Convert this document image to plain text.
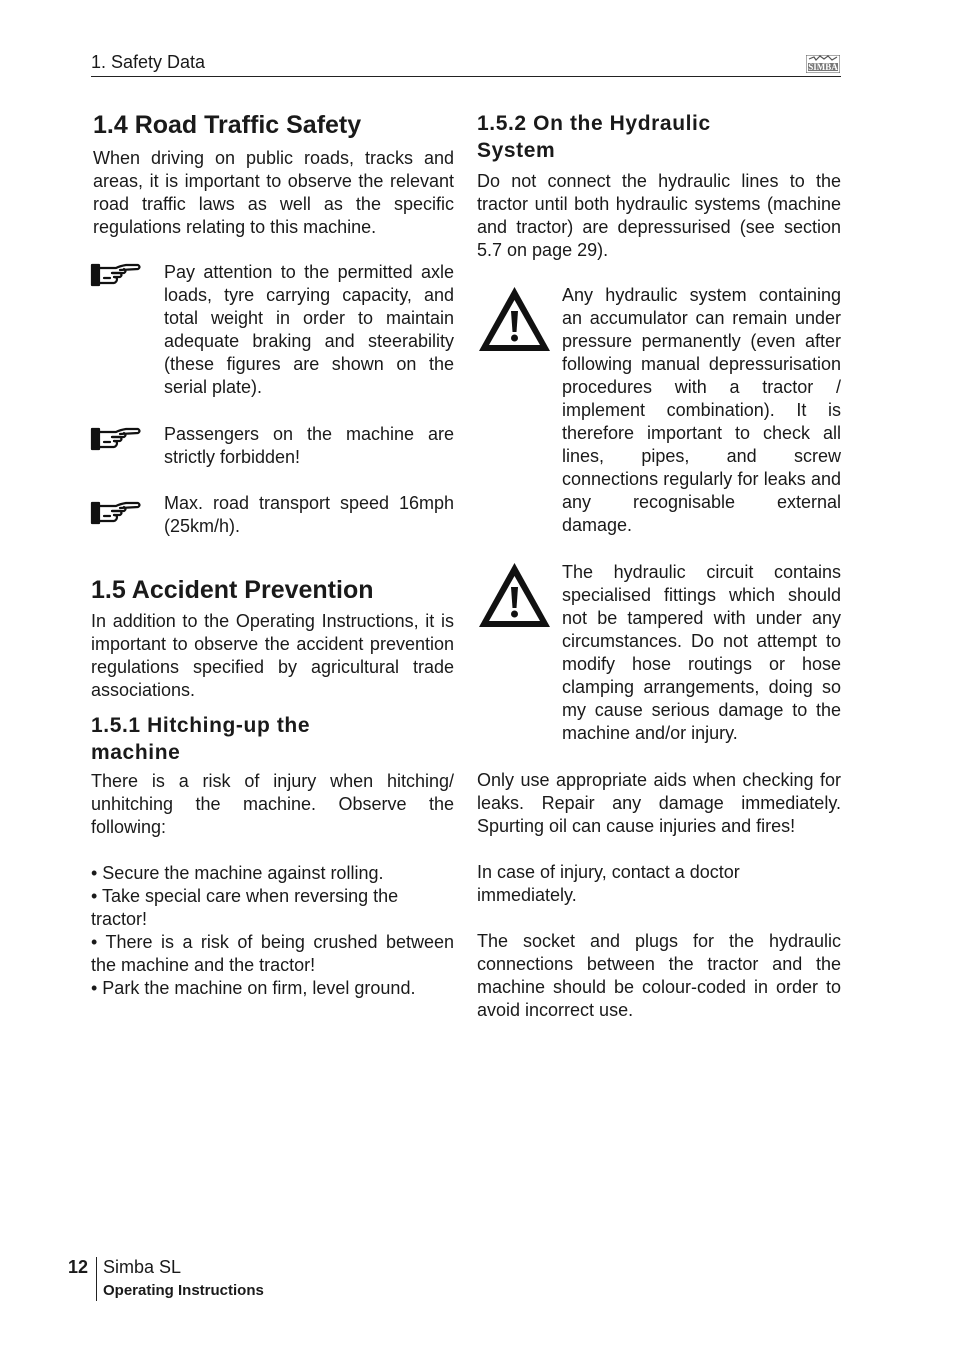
1. Safety Data	SIMBA
1.4 Road Traffic Safety

When driving on public roads, tracks and areas, it is important to observe the relevant road traffic laws as well as the specific regulations relating to this machine.

Pay attention to the permitted axle loads, tyre carrying capacity, and total weight in order to maintain adequate braking and steerability (these figures are shown on the serial plate).
Passengers on the machine are strictly forbidden!
Max. road transport speed 16mph (25km/h).
1.5 Accident Prevention

In addition to the Operating Instructions, it is important to observe the accident prevention regulations specified by agricultural trade associations.

1.5.1 Hitching-up the machine

There is a risk of injury when hitching/ unhitching the machine. Observe the following:

• Secure the machine against rolling.

• Take special care when reversing the tractor!

• There is a risk of being crushed between the machine and the tractor!

• Park the machine on firm, level ground.

1.5.2 On the Hydraulic System

Do not connect the hydraulic lines to the tractor until both hydraulic systems (machine and tractor) are depressurised (see section 5.7 on page 29).

Any hydraulic system containing an accumulator can remain under pressure permanently (even after following manual depressurisation procedures with a tractor / implement combination). It is therefore important to check all lines, pipes, and screw connections regularly for leaks and any recognisable external damage.
The hydraulic circuit contains specialised fittings which should not be tampered with under any circumstances. Do not attempt to modify hose routings or hose clamping arrangements, doing so my cause serious damage to the machine and/or injury.

Only use appropriate aids when checking for leaks. Repair any damage immediately. Spurting oil can cause injuries and fires!

In case of injury, contact a doctor immediately.

The socket and plugs for the hydraulic connections between the tractor and the machine should be colour-coded in order to avoid incorrect use.

12 Simba SL
Operating Instructions
